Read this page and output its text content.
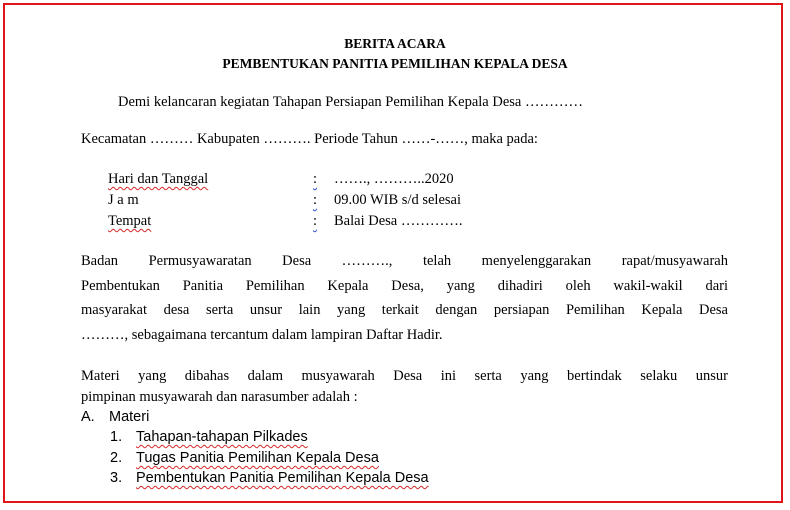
BERITA ACARA
PEMBENTUKAN PANITIA PEMILIHAN KEPALA DESA
Demi kelancaran kegiatan Tahapan Persiapan Pemilihan Kepala Desa …………
Kecamatan ……… Kabupaten ………. Periode Tahun ……-……, maka pada:
Hari dan Tanggal	: ……., ………..2020
J a m	: 09.00 WIB s/d selesai
Tempat	: Balai Desa ………….
Badan Permusyawaratan Desa ………., telah menyelenggarakan rapat/musyawarah
Pembentukan Panitia Pemilihan Kepala Desa, yang dihadiri oleh wakil-wakil dari
masyarakat desa serta unsur lain yang terkait dengan persiapan Pemilihan Kepala Desa
………, sebagaimana tercantum dalam lampiran Daftar Hadir.
Materi yang dibahas dalam musyawarah Desa ini serta yang bertindak selaku unsur
pimpinan musyawarah dan narasumber adalah :
A. Materi
1. Tahapan-tahapan Pilkades
2. Tugas Panitia Pemilihan Kepala Desa
3. Pembentukan Panitia Pemilihan Kepala Desa
